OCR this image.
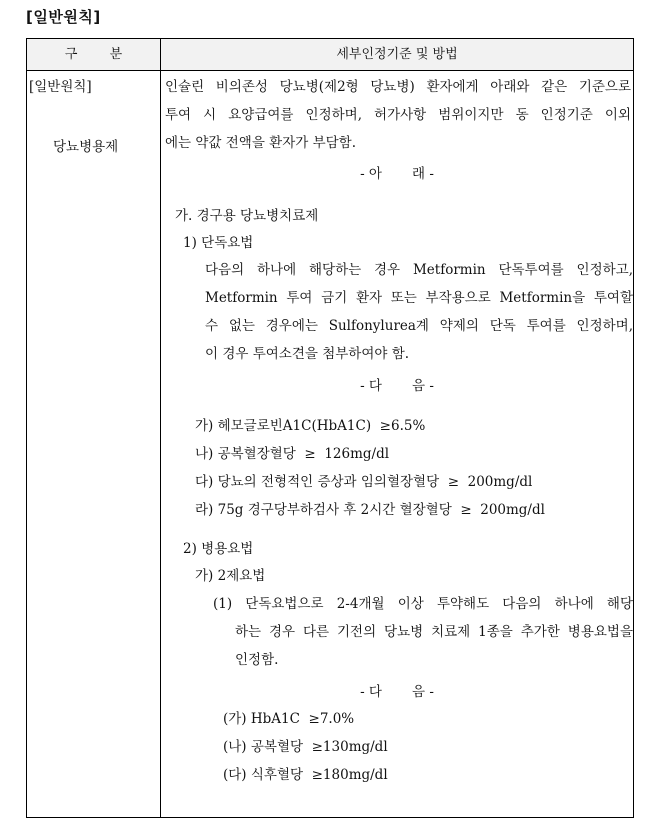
[일반원칙]
구 분	세부인정기준 및 방법
[일반원칙]
당뇨병용제
인슐린 비의존성 당뇨병(제2형 당뇨병) 환자에게 아래와 같은 기준으로
투여 시 요양급여를 인정하며, 허가사항 범위이지만 동 인정기준 이외
에는 약값 전액을 환자가 부담함.
- 아       래 -
가. 경구용 당뇨병치료제
1) 단독요법
다음의 하나에 해당하는 경우 Metformin 단독투여를 인정하고,
Metformin 투여 금기 환자 또는 부작용으로 Metformin을 투여할
수 없는 경우에는 Sulfonylurea계 약제의 단독 투여를 인정하며,
이 경우 투여소견을 첨부하여야 함.
- 다       음 -
가) 헤모글로빈A1C(HbA1C)  ≥6.5%
나) 공복혈장혈당  ≥  126mg/dl
다) 당뇨의 전형적인 증상과 임의혈장혈당  ≥  200mg/dl
라) 75g 경구당부하검사 후 2시간 혈장혈당  ≥  200mg/dl
2) 병용요법
가) 2제요법
(1) 단독요법으로 2-4개월 이상 투약해도 다음의 하나에 해당
하는 경우 다른 기전의 당뇨병 치료제 1종을 추가한 병용요법을
인정함.
- 다       음 -
(가) HbA1C  ≥7.0%
(나) 공복혈당  ≥130mg/dl
(다) 식후혈당  ≥180mg/dl
